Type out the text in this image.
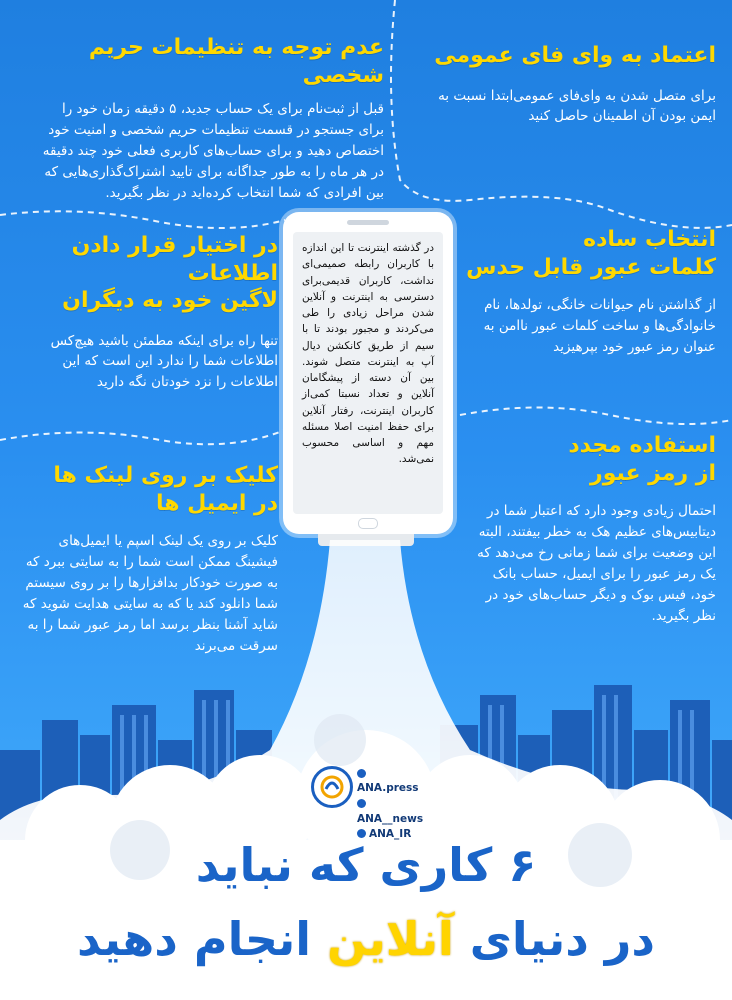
عدم توجه به تنظیمات حریم شخصی
قبل از ثبت‌نام برای یک حساب جدید، ۵ دقیقه زمان خود را برای جستجو در قسمت تنظیمات حریم شخصی و امنیت خود اختصاص دهید و برای حساب‌های کاربری فعلی خود چند دقیقه در هر ماه را به طور جداگانه برای تایید اشتراک‌گذاری‌هایی که بین افرادی که شما انتخاب کرده‌اید در نظر بگیرید.
اعتماد به وای فای عمومی
برای متصل شدن به وای‌فای عمومی‌ابتدا نسبت به ایمن بودن آن اطمینان حاصل کنید
در اختیار قرار دادن اطلاعات
لاگین خود به دیگران
تنها راه برای اینکه مطمئن باشید هیچ‌کس اطلاعات شما را ندارد این است که این اطلاعات را نزد خودتان نگه دارید
انتخاب ساده
کلمات عبور قابل حدس
از گذاشتن نام حیوانات خانگی، تولدها، نام خانوادگی‌ها و ساخت کلمات عبور ناامن به عنوان رمز عبور خود بپرهیزید
کلیک بر روی لینک ها
در ایمیل ها
کلیک بر روی یک لینک اسپم یا ایمیل‌های فیشینگ ممکن است شما را به سایتی ببرد که به صورت خودکار بدافزارها را بر روی سیستم شما دانلود کند یا که به سایتی هدایت شوید که شاید آشنا بنظر برسد اما رمز عبور شما را به سرقت می‌برند
استفاده مجدد
از رمز عبور
احتمال زیادی وجود دارد که اعتبار شما در دیتابیس‌های عظیم هک به خطر بیفتند، البته این وضعیت برای شما زمانی رخ می‌دهد که یک رمز عبور را برای ایمیل، حساب بانک خود، فیس بوک و دیگر حساب‌های خود در نظر بگیرید.
در گذشته اینترنت تا این اندازه با کاربران رابطه صمیمی‌ای نداشت، کاربران قدیمی‌برای دسترسی به اینترنت و آنلاین شدن مراحل زیادی را طی می‌کردند و مجبور بودند تا با سیم از طریق کانکشن دیال آپ به اینترنت متصل شوند. بین آن دسته از پیشگامان آنلاین و تعداد نسبتا کمی‌از کاربران اینترنت، رفتار آنلاین برای حفظ امنیت اصلا مسئله مهم و اساسی محسوب نمی‌شد.
ANA.press
ANA__news
ANA_IR
۶ کاری که نباید
در دنیای آنلاین انجام دهید
